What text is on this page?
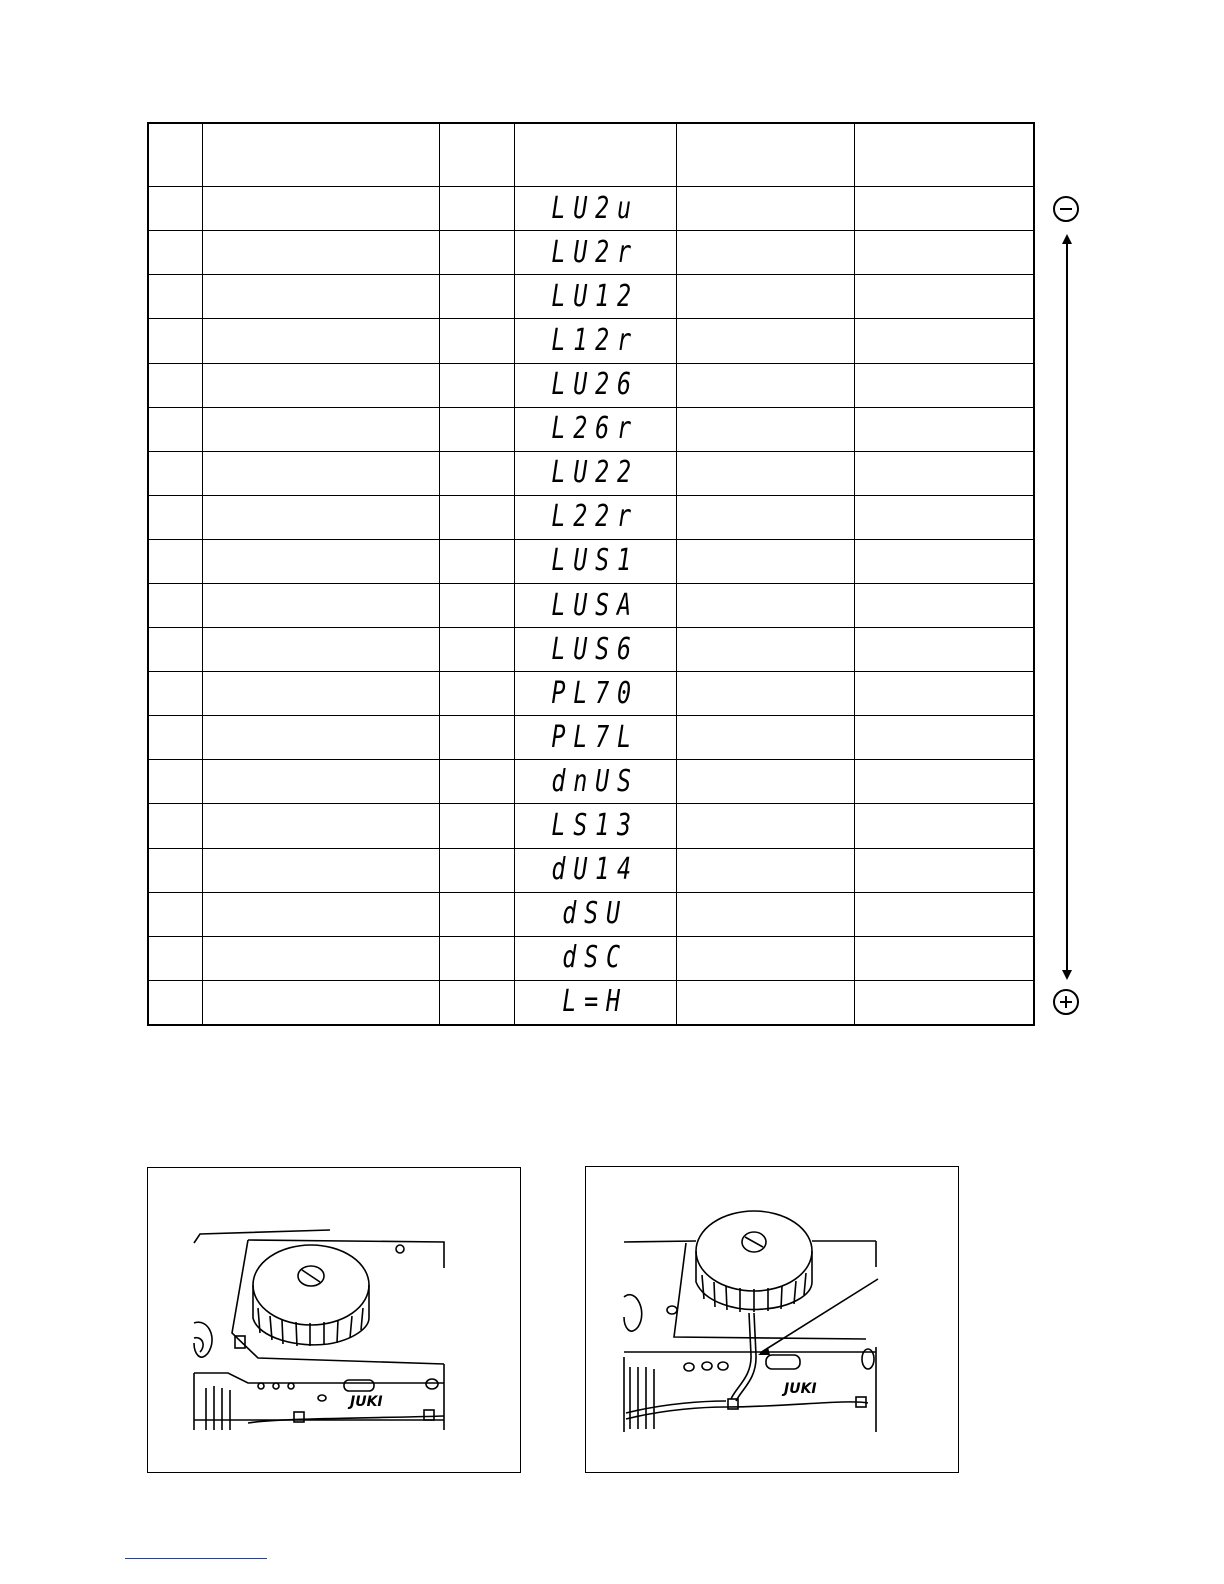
			LU2u		
			LU2r		
			LU12		
			L12r		
			LU26		
			L26r		
			LU22		
			L22r		
			LUS1		
			LUSA		
			LUS6		
			PL70		
			PL7L		
			dnUS		
			LS13		
			dU14		
			dSU		
			dSC		
			L=H		
JUKI
JUKI
